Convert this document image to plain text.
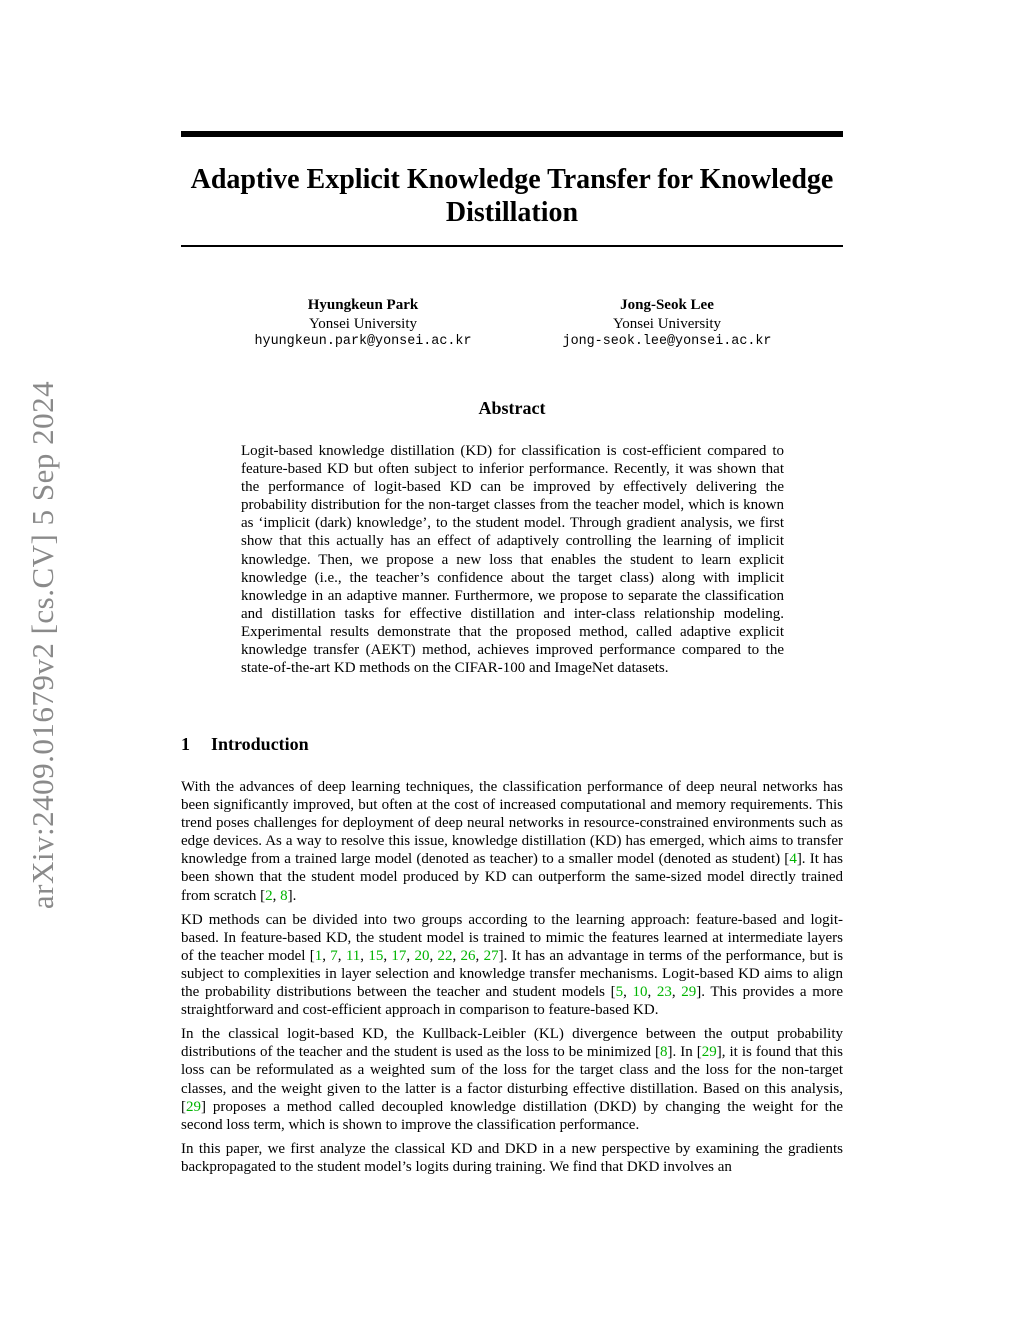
arXiv:2409.01679v2 [cs.CV] 5 Sep 2024
Adaptive Explicit Knowledge Transfer for Knowledge Distillation
Hyungkeun Park
Yonsei University
hyungkeun.park@yonsei.ac.kr
Jong-Seok Lee
Yonsei University
jong-seok.lee@yonsei.ac.kr
Abstract

Logit-based knowledge distillation (KD) for classification is cost-efficient compared to feature-based KD but often subject to inferior performance. Recently, it was shown that the performance of logit-based KD can be improved by effectively delivering the probability distribution for the non-target classes from the teacher model, which is known as ‘implicit (dark) knowledge’, to the student model. Through gradient analysis, we first show that this actually has an effect of adaptively controlling the learning of implicit knowledge. Then, we propose a new loss that enables the student to learn explicit knowledge (i.e., the teacher’s confidence about the target class) along with implicit knowledge in an adaptive manner. Furthermore, we propose to separate the classification and distillation tasks for effective distillation and inter-class relationship modeling. Experimental results demonstrate that the proposed method, called adaptive explicit knowledge transfer (AEKT) method, achieves improved performance compared to the state-of-the-art KD methods on the CIFAR-100 and ImageNet datasets.

1 Introduction

With the advances of deep learning techniques, the classification performance of deep neural networks has been significantly improved, but often at the cost of increased computational and memory requirements. This trend poses challenges for deployment of deep neural networks in resource-constrained environments such as edge devices. As a way to resolve this issue, knowledge distillation (KD) has emerged, which aims to transfer knowledge from a trained large model (denoted as teacher) to a smaller model (denoted as student) [4]. It has been shown that the student model produced by KD can outperform the same-sized model directly trained from scratch [2, 8].

KD methods can be divided into two groups according to the learning approach: feature-based and logit-based. In feature-based KD, the student model is trained to mimic the features learned at intermediate layers of the teacher model [1, 7, 11, 15, 17, 20, 22, 26, 27]. It has an advantage in terms of the performance, but is subject to complexities in layer selection and knowledge transfer mechanisms. Logit-based KD aims to align the probability distributions between the teacher and student models [5, 10, 23, 29]. This provides a more straightforward and cost-efficient approach in comparison to feature-based KD.

In the classical logit-based KD, the Kullback-Leibler (KL) divergence between the output probability distributions of the teacher and the student is used as the loss to be minimized [8]. In [29], it is found that this loss can be reformulated as a weighted sum of the loss for the target class and the loss for the non-target classes, and the weight given to the latter is a factor disturbing effective distillation. Based on this analysis, [29] proposes a method called decoupled knowledge distillation (DKD) by changing the weight for the second loss term, which is shown to improve the classification performance.

In this paper, we first analyze the classical KD and DKD in a new perspective by examining the gradients backpropagated to the student model’s logits during training. We find that DKD involves an
